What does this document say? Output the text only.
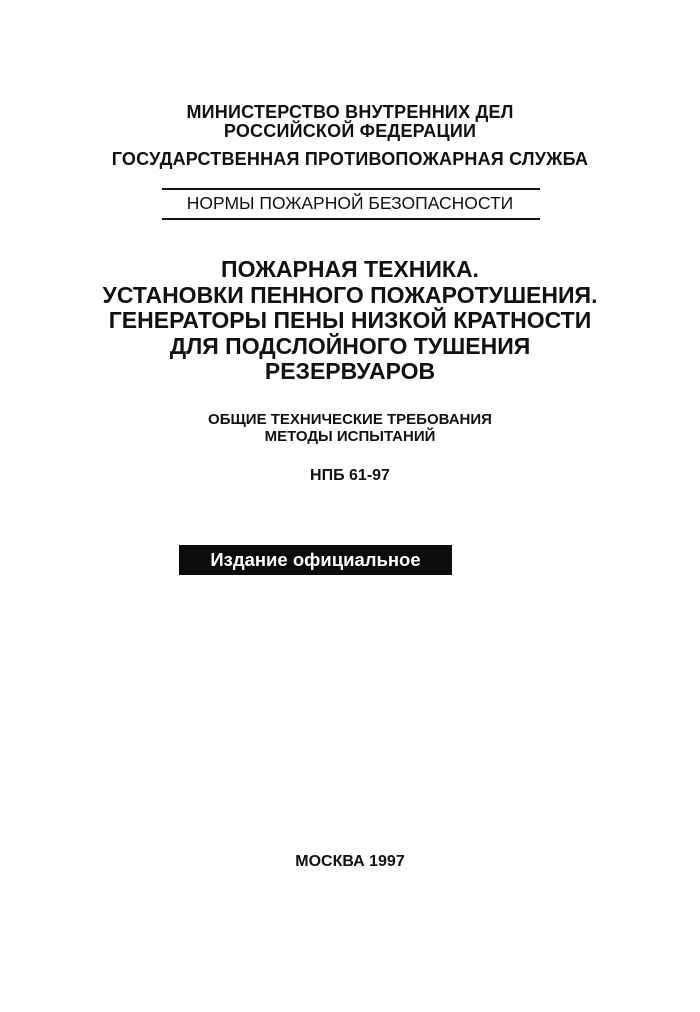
МИНИСТЕРСТВО ВНУТРЕННИХ ДЕЛ
РОССИЙСКОЙ ФЕДЕРАЦИИ
ГОСУДАРСТВЕННАЯ ПРОТИВОПОЖАРНАЯ СЛУЖБА
НОРМЫ ПОЖАРНОЙ БЕЗОПАСНОСТИ
ПОЖАРНАЯ ТЕХНИКА.
УСТАНОВКИ ПЕННОГО ПОЖАРОТУШЕНИЯ.
ГЕНЕРАТОРЫ ПЕНЫ НИЗКОЙ КРАТНОСТИ
ДЛЯ ПОДСЛОЙНОГО ТУШЕНИЯ
РЕЗЕРВУАРОВ
ОБЩИЕ ТЕХНИЧЕСКИЕ ТРЕБОВАНИЯ
МЕТОДЫ ИСПЫТАНИЙ
НПБ 61-97
Издание официальное
МОСКВА 1997
